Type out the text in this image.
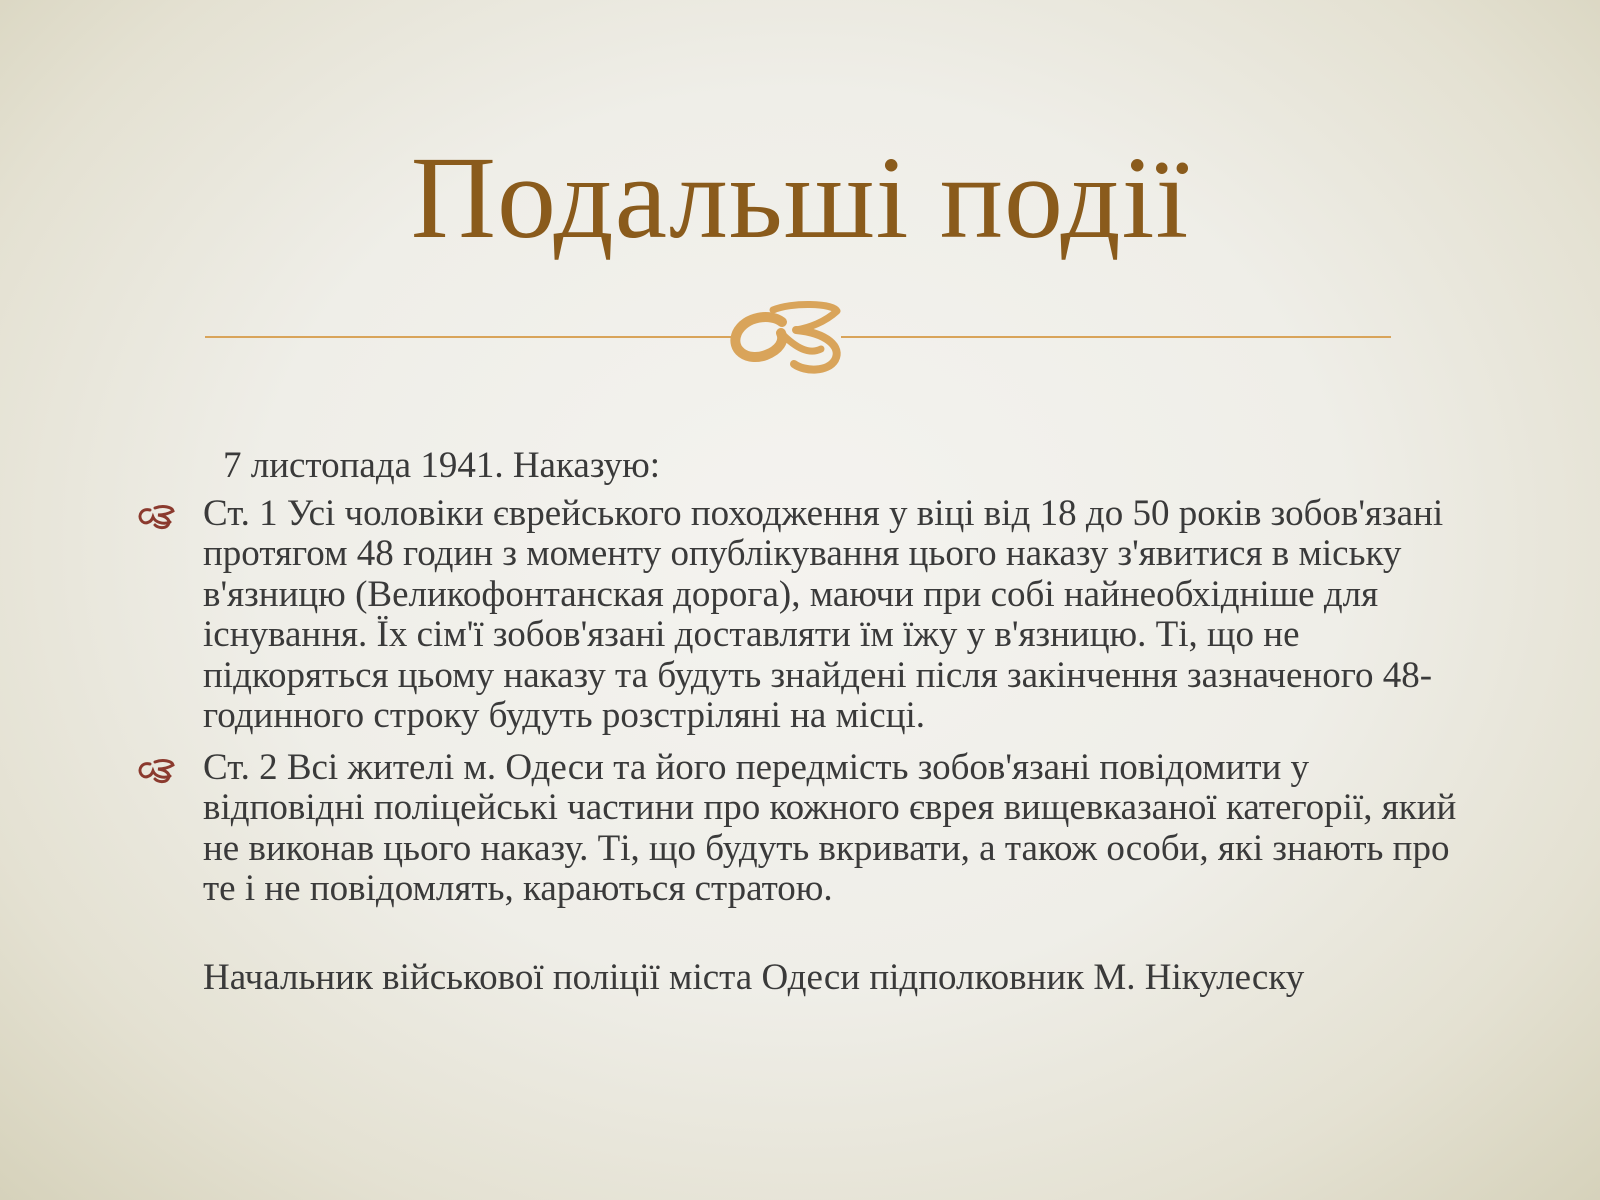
Подальші події
7 листопада 1941. Наказую:
Ст. 1 Усі чоловіки єврейського походження у віці від 18 до 50 років зобов'язані протягом 48 годин з моменту опублікування цього наказу з'явитися в міську в'язницю (Великофонтанская дорога), маючи при собі найнеобхідніше для існування. Їх сім'ї зобов'язані доставляти їм їжу у в'язницю. Ті, що не підкоряться цьому наказу та будуть знайдені після закінчення зазначеного 48-годинного строку будуть розстріляні на місці.
Ст. 2 Всі жителі м. Одеси та його передмість зобов'язані повідомити у відповідні поліцейські частини про кожного єврея вищевказаної категорії, який не виконав цього наказу. Ті, що будуть вкривати, а також особи, які знають про те і не повідомлять, караються стратою.
Начальник військової поліції міста Одеси підполковник М. Нікулеску
